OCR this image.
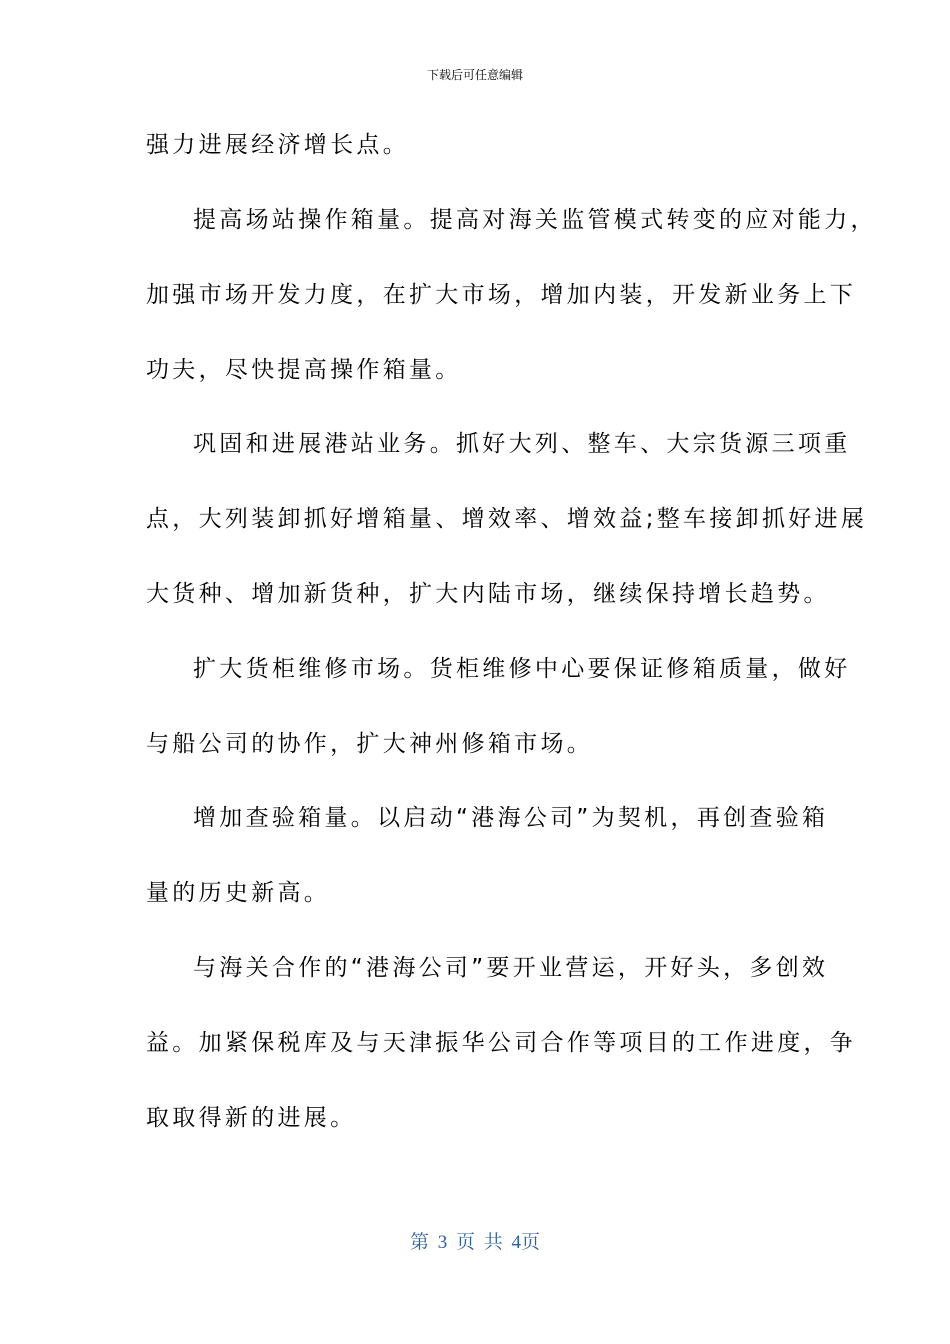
下载后可任意编辑

强力进展经济增长点。

提高场站操作箱量。提高对海关监管模式转变的应对能力，

加强市场开发力度，在扩大市场，增加内装，开发新业务上下

功夫，尽快提高操作箱量。

巩固和进展港站业务。抓好大列、整车、大宗货源三项重

点，大列装卸抓好增箱量、增效率、增效益;整车接卸抓好进展

大货种、增加新货种，扩大内陆市场，继续保持增长趋势。

扩大货柜维修市场。货柜维修中心要保证修箱质量，做好

与船公司的协作，扩大神州修箱市场。

增加查验箱量。以启动“港海公司”为契机，再创查验箱

量的历史新高。

与海关合作的“港海公司”要开业营运，开好头，多创效

益。加紧保税库及与天津振华公司合作等项目的工作进度，争

取取得新的进展。

第 3 页 共 4页
